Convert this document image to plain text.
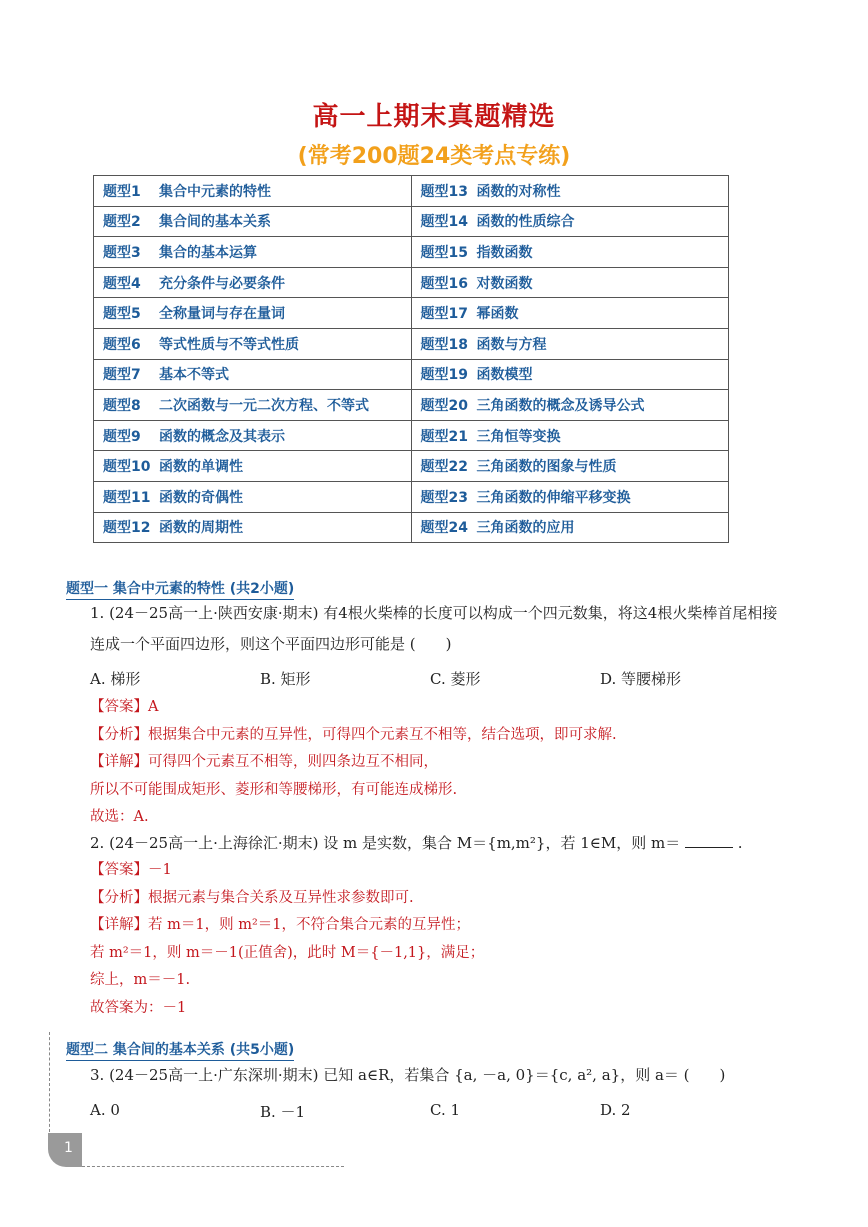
高一上期末真题精选
(常考200题24类考点专练)
题型1 集合中元素的特性	题型13 函数的对称性
题型2 集合间的基本关系	题型14 函数的性质综合
题型3 集合的基本运算	题型15 指数函数
题型4 充分条件与必要条件	题型16 对数函数
题型5 全称量词与存在量词	题型17 幂函数
题型6 等式性质与不等式性质	题型18 函数与方程
题型7 基本不等式	题型19 函数模型
题型8 二次函数与一元二次方程、不等式	题型20 三角函数的概念及诱导公式
题型9 函数的概念及其表示	题型21 三角恒等变换
题型10 函数的单调性	题型22 三角函数的图象与性质
题型11 函数的奇偶性	题型23 三角函数的伸缩平移变换
题型12 函数的周期性	题型24 三角函数的应用
题型一 集合中元素的特性 (共2小题)
1. (24－25高一上·陕西安康·期末) 有4根火柴棒的长度可以构成一个四元数集，将这4根火柴棒首尾相接
连成一个平面四边形，则这个平面四边形可能是 (　　)
A. 梯形	B. 矩形	C. 菱形	D. 等腰梯形
【答案】A
【分析】根据集合中元素的互异性，可得四个元素互不相等，结合选项，即可求解.
【详解】可得四个元素互不相等，则四条边互不相同，
所以不可能围成矩形、菱形和等腰梯形，有可能连成梯形.
故选：A.
2. (24－25高一上·上海徐汇·期末) 设 m 是实数，集合 M＝{m,m²}，若 1∈M，则 m＝	.
【答案】－1
【分析】根据元素与集合关系及互异性求参数即可.
【详解】若 m＝1，则 m²＝1，不符合集合元素的互异性；
若 m²＝1，则 m＝－1(正值舍)，此时 M＝{－1,1}，满足；
综上，m＝－1.
故答案为：－1
题型二 集合间的基本关系 (共5小题)
3. (24－25高一上·广东深圳·期末) 已知 a∈R，若集合 {a, －a, 0}＝{c, a², a}，则 a＝ (　　)
A. 0	B. －1	C. 1	D. 2
1
